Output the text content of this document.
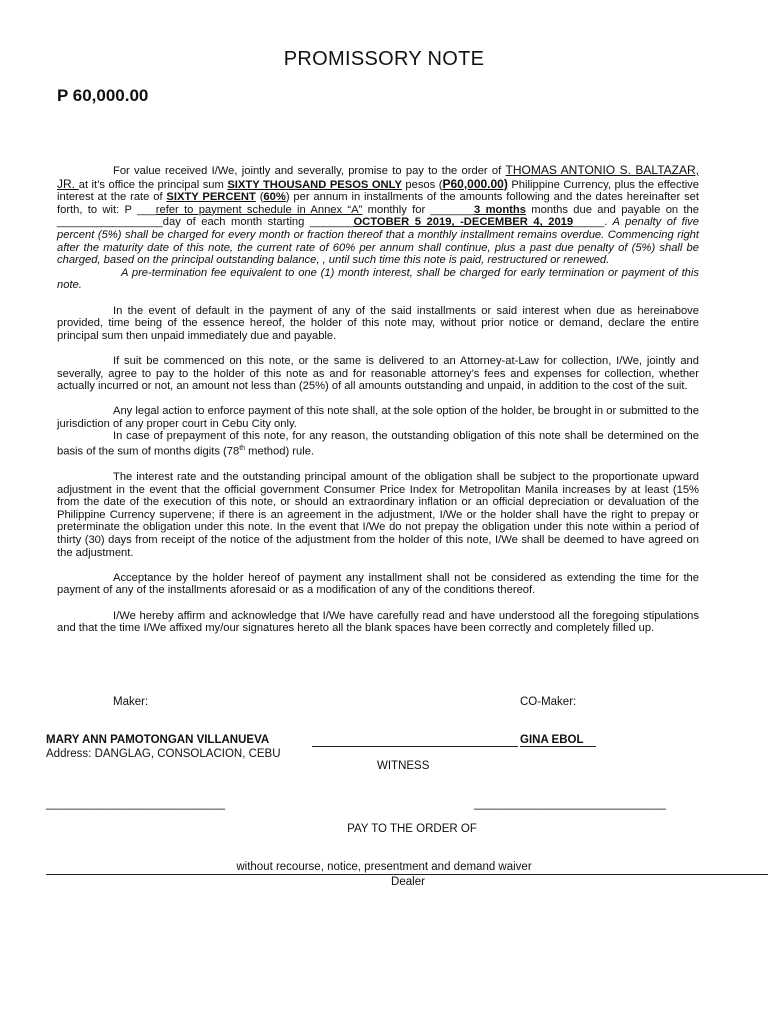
PROMISSORY NOTE
P 60,000.00

For value received I/We, jointly and severally, promise to pay to the order of THOMAS ANTONIO S. BALTAZAR, JR. at it’s office the principal sum SIXTY THOUSAND PESOS ONLY pesos (P60,000.00) Philippine Currency, plus the effective interest at the rate of SIXTY PERCENT (60%) per annum in installments of the amounts following and the dates hereinafter set forth, to wit: P ___refer to payment schedule in Annex “A” monthly for _______3 months months due and payable on the _________________day of each month starting _______OCTOBER 5 2019, -DECEMBER 4, 2019_____. A penalty of five percent (5%) shall be charged for every month or fraction thereof that a monthly installment remains overdue. Commencing right after the maturity date of this note, the current rate of 60% per annum shall continue, plus a past due penalty of (5%) shall be charged, based on the principal outstanding balance, , until such time this note is paid, restructured or renewed.

A pre-termination fee equivalent to one (1) month interest, shall be charged for early termination or payment of this note.

In the event of default in the payment of any of the said installments or said interest when due as hereinabove provided, time being of the essence hereof, the holder of this note may, without prior notice or demand, declare the entire principal sum then unpaid immediately due and payable.

If suit be commenced on this note, or the same is delivered to an Attorney-at-Law for collection, I/We, jointly and severally, agree to pay to the holder of this note as and for reasonable attorney’s fees and expenses for collection, whether actually incurred or not, an amount not less than (25%) of all amounts outstanding and unpaid, in addition to the cost of the suit.

Any legal action to enforce payment of this note shall, at the sole option of the holder, be brought in or submitted to the jurisdiction of any proper court in Cebu City only.

In case of prepayment of this note, for any reason, the outstanding obligation of this note shall be determined on the basis of the sum of months digits (78th method) rule.

The interest rate and the outstanding principal amount of the obligation shall be subject to the proportionate upward adjustment in the event that the official government Consumer Price Index for Metropolitan Manila increases by at least (15% from the date of the execution of this note, or should an extraordinary inflation or an official depreciation or devaluation of the Philippine Currency supervene; if there is an agreement in the adjustment, I/We or the holder shall have the right to prepay or preterminate the obligation under this note. In the event that I/We do not prepay the obligation under this note within a period of thirty (30) days from receipt of the notice of the adjustment from the holder of this note, I/We shall be deemed to have agreed on the adjustment.

Acceptance by the holder hereof of payment any installment shall not be considered as extending the time for the payment of any of the installments aforesaid or as a modification of any of the conditions thereof.

I/We hereby affirm and acknowledge that I/We have carefully read and have understood all the foregoing stipulations and that the time I/We affixed my/our signatures hereto all the blank spaces have been correctly and completely filled up.

Maker:	CO-Maker:
MARY ANN PAMOTONGAN VILLANUEVA	GINA EBOL
Address: DANGLAG, CONSOLACION, CEBU
WITNESS
____________________________	______________________________
PAY TO THE ORDER OF
without recourse, notice, presentment and demand waiver
Dealer
